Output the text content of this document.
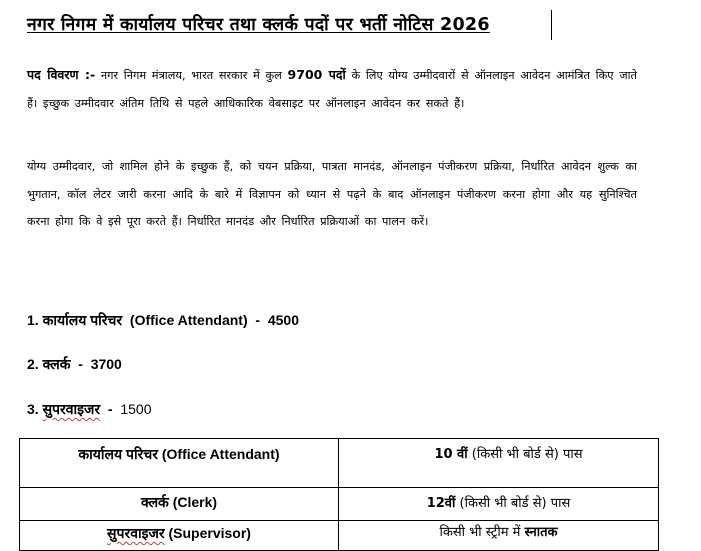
नगर निगम में कार्यालय परिचर तथा क्लर्क पदों पर भर्ती नोटिस 2026
पद विवरण :- नगर निगम मंत्रालय, भारत सरकार में कुल 9700 पदों के लिए योग्य उम्मीदवारों से ऑनलाइन आवेदन आमंत्रित किए जाते हैं। इच्छुक उम्मीदवार अंतिम तिथि से पहले आधिकारिक वेबसाइट पर ऑनलाइन आवेदन कर सकते हैं।
योग्य उम्मीदवार, जो शामिल होने के इच्छुक हैं, को चयन प्रक्रिया, पात्रता मानदंड, ऑनलाइन पंजीकरण प्रक्रिया, निर्धारित आवेदन शुल्क का भुगतान, कॉल लेटर जारी करना आदि के बारे में विज्ञापन को ध्यान से पढ़ने के बाद ऑनलाइन पंजीकरण करना होगा और यह सुनिश्चित करना होगा कि वे इसे पूरा करते हैं। निर्धारित मानदंड और निर्धारित प्रक्रियाओं का पालन करें।
1. कार्यालय परिचर (Office Attendant) - 4500
2. क्लर्क - 3700
3. सुपरवाइजर - 1500
कार्यालय परिचर (Office Attendant)	10 वीं (किसी भी बोर्ड से) पास
क्लर्क (Clerk)	12वीं (किसी भी बोर्ड से) पास
सुपरवाइजर (Supervisor)	किसी भी स्ट्रीम में स्नातक
